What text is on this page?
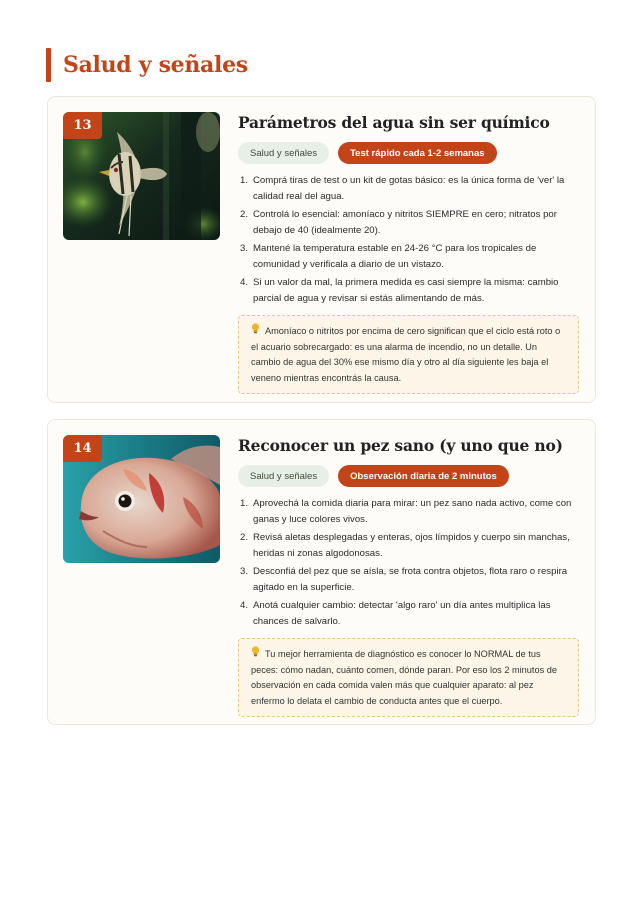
Salud y señales
13	Parámetros del agua sin ser químico
Salud y señales	Test rápido cada 1-2 semanas
1. Comprá tiras de test o un kit de gotas básico: es la única forma de 'ver' la calidad real del agua.
2. Controlá lo esencial: amoníaco y nitritos SIEMPRE en cero; nitratos por debajo de 40 (idealmente 20).
3. Mantené la temperatura estable en 24-26 °C para los tropicales de comunidad y verificala a diario de un vistazo.
4. Si un valor da mal, la primera medida es casi siempre la misma: cambio parcial de agua y revisar si estás alimentando de más.
Amoníaco o nitritos por encima de cero significan que el ciclo está roto o el acuario sobrecargado: es una alarma de incendio, no un detalle. Un cambio de agua del 30% ese mismo día y otro al día siguiente les baja el veneno mientras encontrás la causa.
14	Reconocer un pez sano (y uno que no)
Salud y señales	Observación diaria de 2 minutos
1. Aprovechá la comida diaria para mirar: un pez sano nada activo, come con ganas y luce colores vivos.
2. Revisá aletas desplegadas y enteras, ojos límpidos y cuerpo sin manchas, heridas ni zonas algodonosas.
3. Desconfiá del pez que se aísla, se frota contra objetos, flota raro o respira agitado en la superficie.
4. Anotá cualquier cambio: detectar 'algo raro' un día antes multiplica las chances de salvarlo.
Tu mejor herramienta de diagnóstico es conocer lo NORMAL de tus peces: cómo nadan, cuánto comen, dónde paran. Por eso los 2 minutos de observación en cada comida valen más que cualquier aparato: al pez enfermo lo delata el cambio de conducta antes que el cuerpo.
